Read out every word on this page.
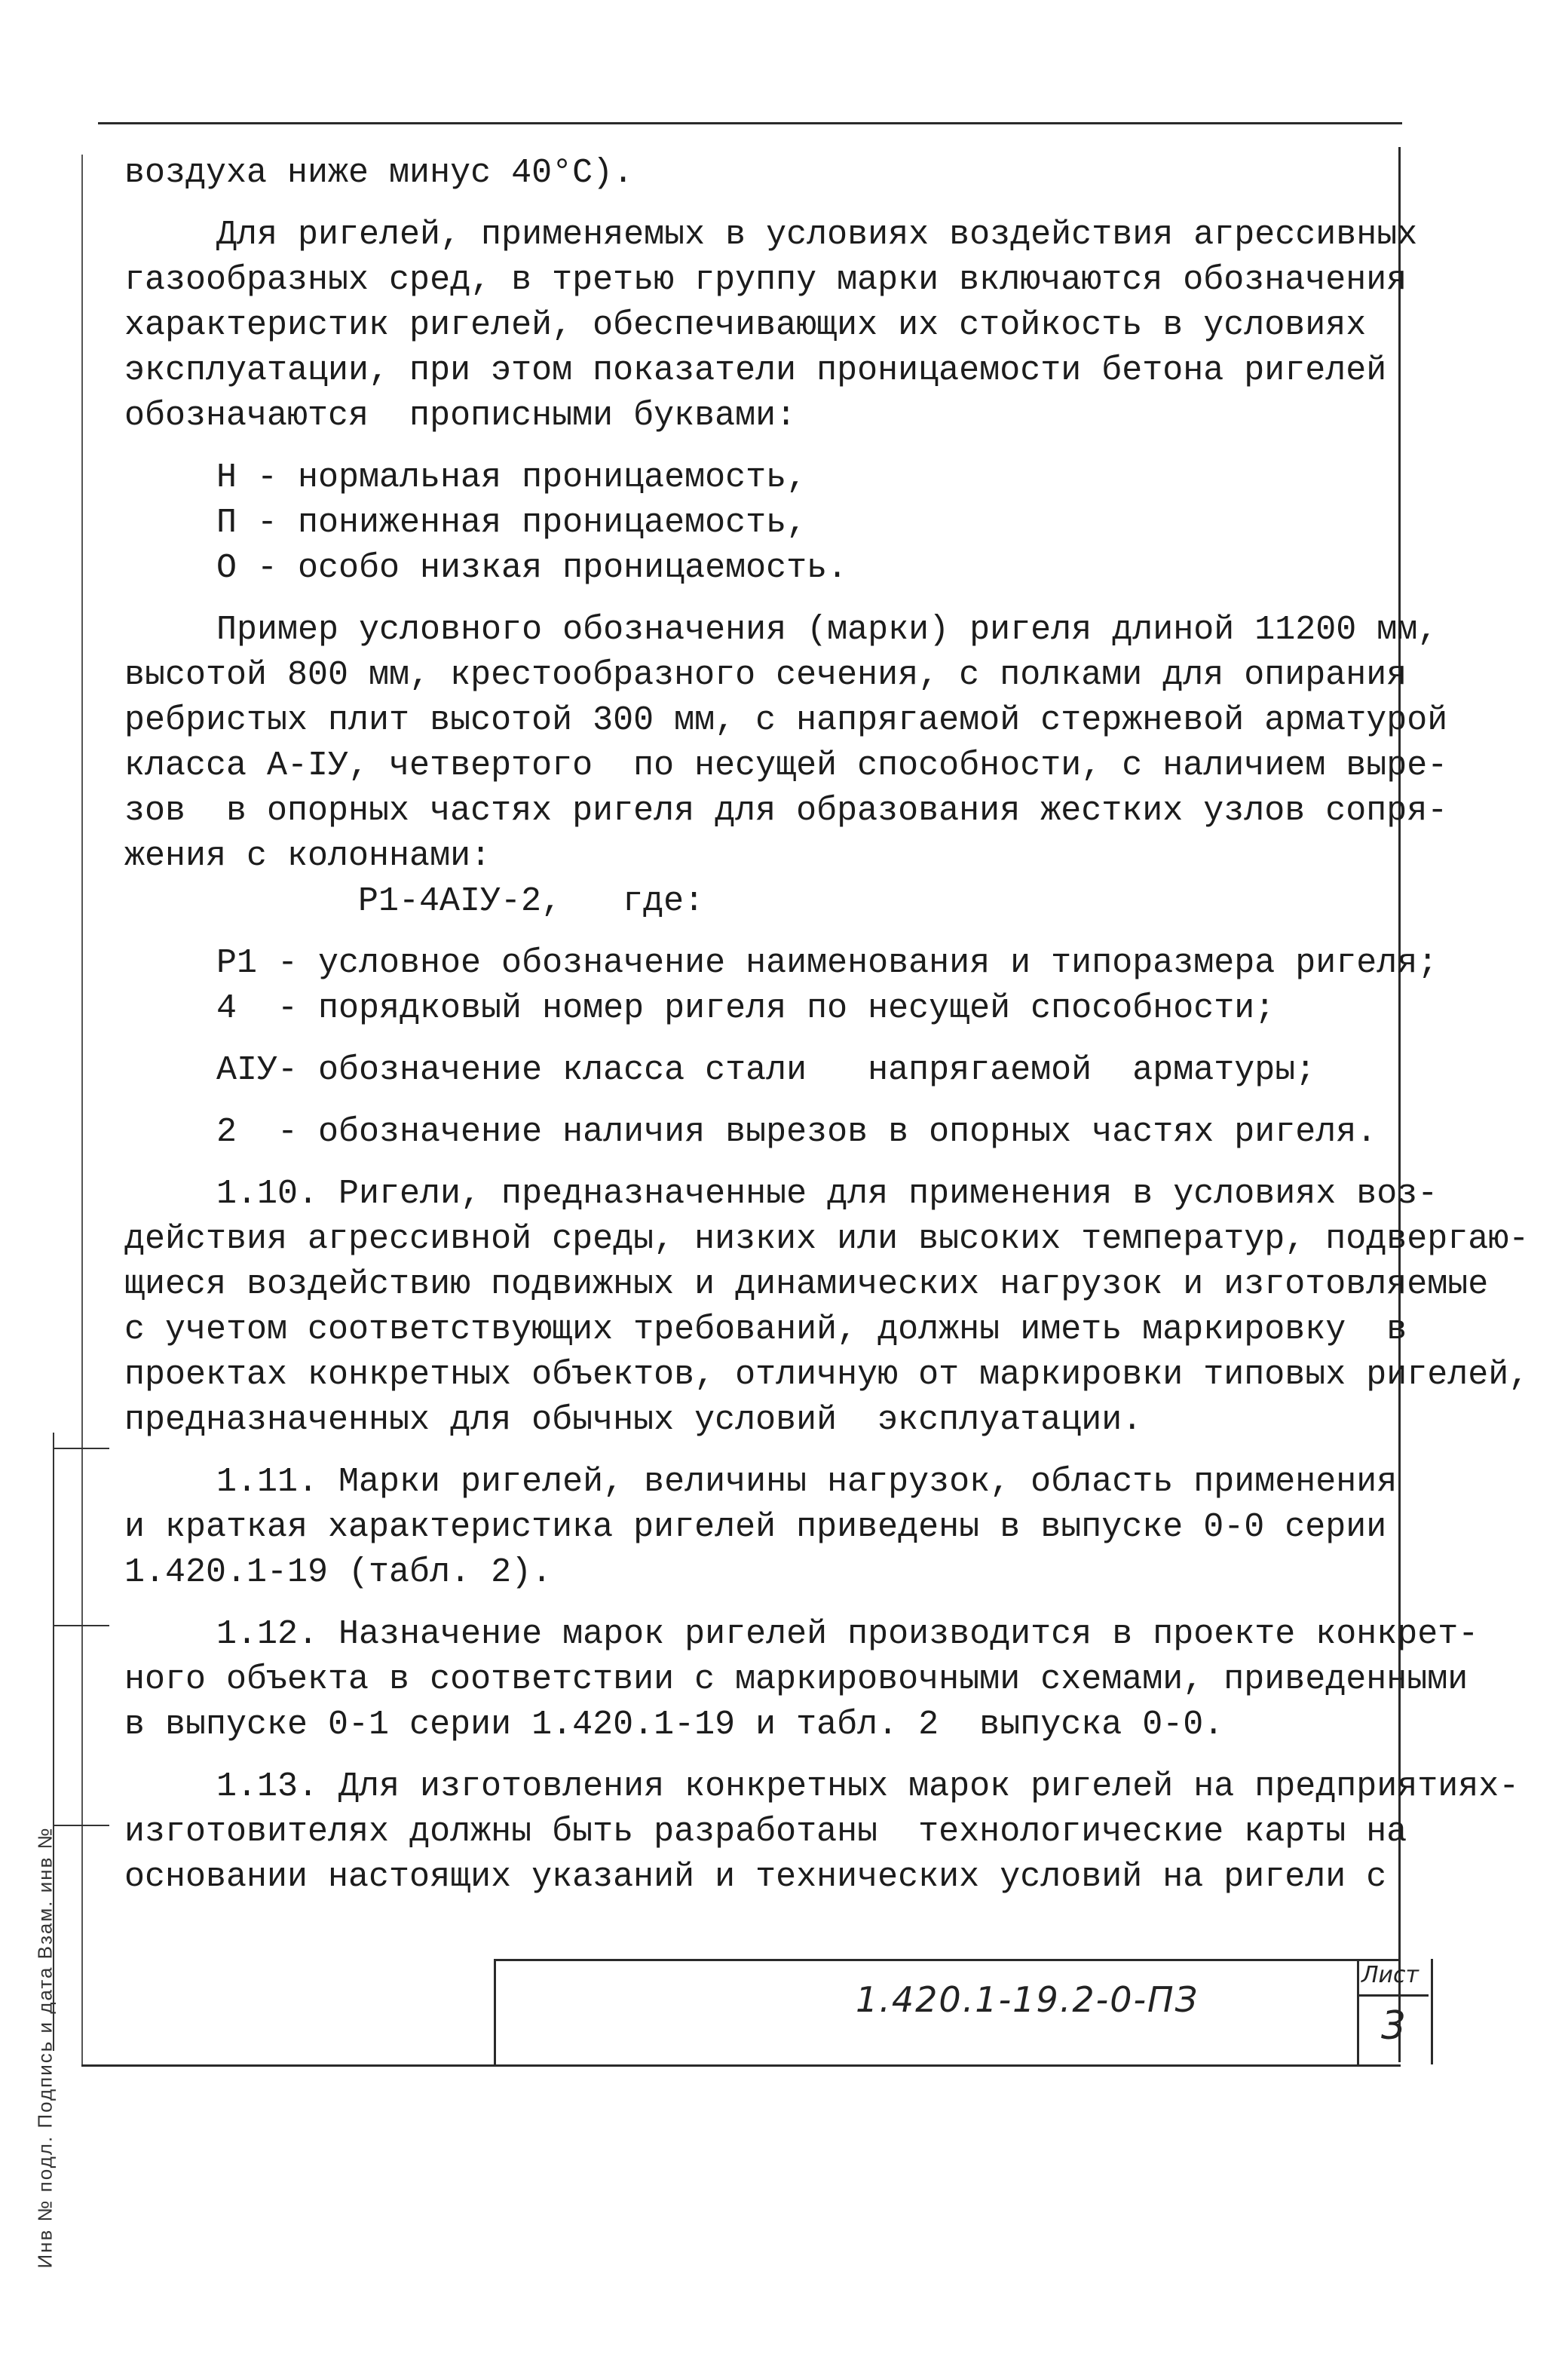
воздуха ниже минус 40°С).

Для ригелей, применяемых в условиях воздействия агрессивных

газообразных сред, в третью группу марки включаются обозначения

характеристик ригелей, обеспечивающих их стойкость в условиях

эксплуатации, при этом показатели проницаемости бетона ригелей

обозначаются  прописными буквами:

Н - нормальная проницаемость,

П - пониженная проницаемость,

О - особо низкая проницаемость.

Пример условного обозначения (марки) ригеля длиной 11200 мм,

высотой 800 мм, крестообразного сечения, с полками для опирания

ребристых плит высотой 300 мм, с напрягаемой стержневой арматурой

класса А-IУ, четвертого  по несущей способности, с наличием выре-

зов  в опорных частях ригеля для образования жестких узлов сопря-

жения с колоннами:

Р1-4АIУ-2,   где:

Р1 - условное обозначение наименования и типоразмера ригеля;

4  - порядковый номер ригеля по несущей способности;

АIУ- обозначение класса стали   напрягаемой  арматуры;

2  - обозначение наличия вырезов в опорных частях ригеля.

1.10. Ригели, предназначенные для применения в условиях воз-

действия агрессивной среды, низких или высоких температур, подвергаю-

щиеся воздействию подвижных и динамических нагрузок и изготовляемые

с учетом соответствующих требований, должны иметь маркировку  в

проектах конкретных объектов, отличную от маркировки типовых ригелей,

предназначенных для обычных условий  эксплуатации.

1.11. Марки ригелей, величины нагрузок, область применения

и краткая характеристика ригелей приведены в выпуске 0-0 серии

1.420.1-19 (табл. 2).

1.12. Назначение марок ригелей производится в проекте конкрет-

ного объекта в соответствии с маркировочными схемами, приведенными

в выпуске 0-1 серии 1.420.1-19 и табл. 2  выпуска 0-0.

1.13. Для изготовления конкретных марок ригелей на предприятиях-

изготовителях должны быть разработаны  технологические карты на

основании настоящих указаний и технических условий на ригели с

Инв № подл. Подпись и дата Взам. инв №	1.420.1-19.2-0-ПЗ
Лист
3
